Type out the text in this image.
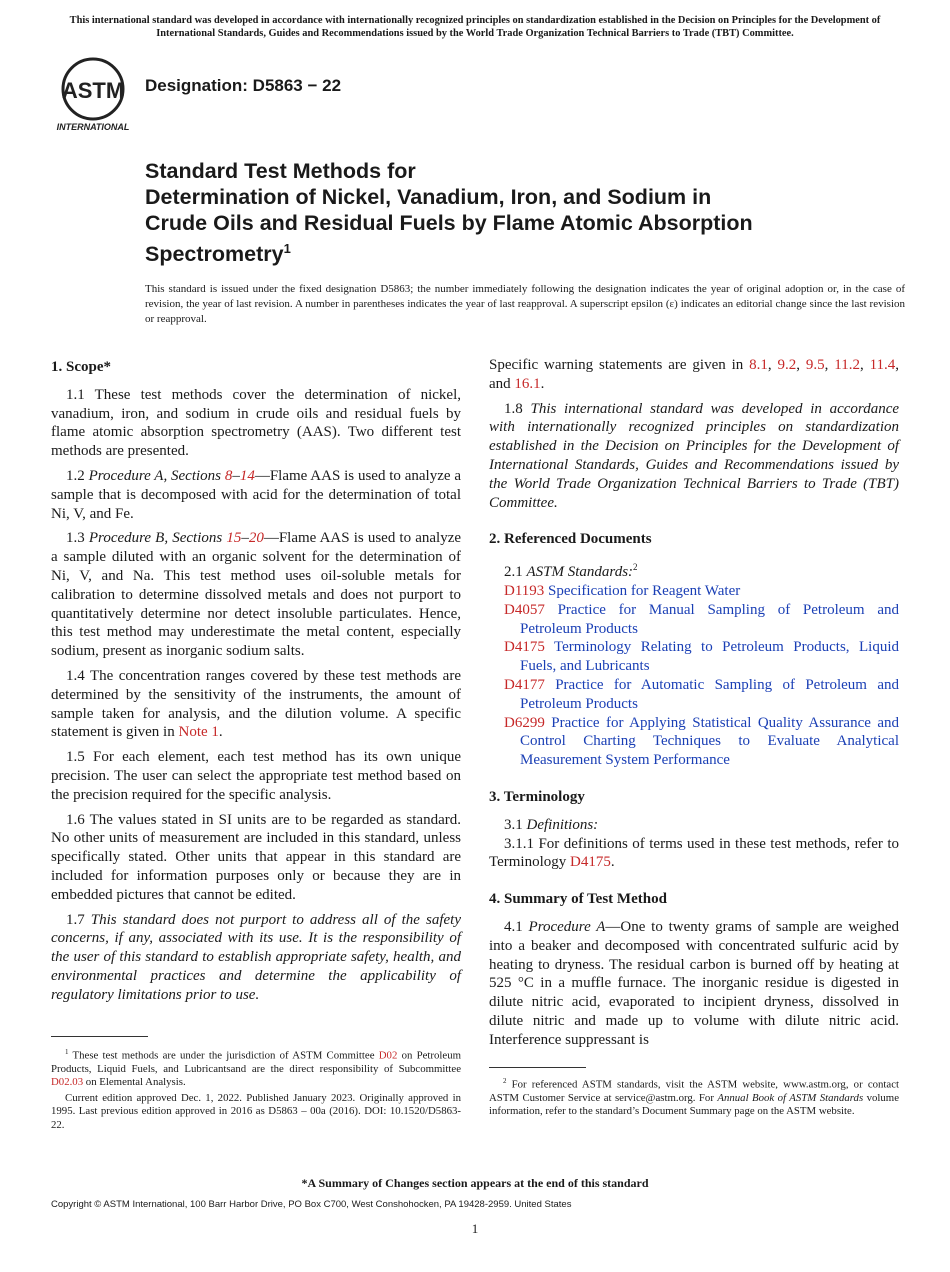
This international standard was developed in accordance with internationally recognized principles on standardization established in the Decision on Principles for the Development of International Standards, Guides and Recommendations issued by the World Trade Organization Technical Barriers to Trade (TBT) Committee.
ASTM
INTERNATIONAL
Designation: D5863 − 22
Standard Test Methods for
Determination of Nickel, Vanadium, Iron, and Sodium in
Crude Oils and Residual Fuels by Flame Atomic Absorption
Spectrometry$^1$
This standard is issued under the fixed designation D5863; the number immediately following the designation indicates the year of original adoption or, in the case of revision, the year of last revision. A number in parentheses indicates the year of last reapproval. A superscript epsilon (ε) indicates an editorial change since the last revision or reapproval.
1. Scope*

1.1 These test methods cover the determination of nickel, vanadium, iron, and sodium in crude oils and residual fuels by flame atomic absorption spectrometry (AAS). Two different test methods are presented.

1.2 Procedure A, Sections 8–14—Flame AAS is used to analyze a sample that is decomposed with acid for the determination of total Ni, V, and Fe.

1.3 Procedure B, Sections 15–20—Flame AAS is used to analyze a sample diluted with an organic solvent for the determination of Ni, V, and Na. This test method uses oil-soluble metals for calibration to determine dissolved metals and does not purport to quantitatively determine nor detect insoluble particulates. Hence, this test method may underestimate the metal content, especially sodium, present as inorganic sodium salts.

1.4 The concentration ranges covered by these test methods are determined by the sensitivity of the instruments, the amount of sample taken for analysis, and the dilution volume. A specific statement is given in Note 1.

1.5 For each element, each test method has its own unique precision. The user can select the appropriate test method based on the precision required for the specific analysis.

1.6 The values stated in SI units are to be regarded as standard. No other units of measurement are included in this standard, unless specifically stated. Other units that appear in this standard are included for information purposes only or because they are in embedded pictures that cannot be edited.

1.7 This standard does not purport to address all of the safety concerns, if any, associated with its use. It is the responsibility of the user of this standard to establish appropriate safety, health, and environmental practices and determine the applicability of regulatory limitations prior to use.

Specific warning statements are given in 8.1, 9.2, 9.5, 11.2, 11.4, and 16.1.

1.8 This international standard was developed in accordance with internationally recognized principles on standardization established in the Decision on Principles for the Development of International Standards, Guides and Recommendations issued by the World Trade Organization Technical Barriers to Trade (TBT) Committee.

2. Referenced Documents

2.1 ASTM Standards:$^2$

D1193 Specification for Reagent Water
D4057 Practice for Manual Sampling of Petroleum and Petroleum Products
D4175 Terminology Relating to Petroleum Products, Liquid Fuels, and Lubricants
D4177 Practice for Automatic Sampling of Petroleum and Petroleum Products
D6299 Practice for Applying Statistical Quality Assurance and Control Charting Techniques to Evaluate Analytical Measurement System Performance
3. Terminology

3.1 Definitions:

3.1.1 For definitions of terms used in these test methods, refer to Terminology D4175.

4. Summary of Test Method

4.1 Procedure A—One to twenty grams of sample are weighed into a beaker and decomposed with concentrated sulfuric acid by heating to dryness. The residual carbon is burned off by heating at 525 °C in a muffle furnace. The inorganic residue is digested in dilute nitric acid, evaporated to incipient dryness, dissolved in dilute nitric and made up to volume with dilute nitric acid. Interference suppressant is

$^1$ These test methods are under the jurisdiction of ASTM Committee D02 on Petroleum Products, Liquid Fuels, and Lubricantsand are the direct responsibility of Subcommittee D02.03 on Elemental Analysis.

Current edition approved Dec. 1, 2022. Published January 2023. Originally approved in 1995. Last previous edition approved in 2016 as D5863 – 00a (2016). DOI: 10.1520/D5863-22.

$^2$ For referenced ASTM standards, visit the ASTM website, www.astm.org, or contact ASTM Customer Service at service@astm.org. For Annual Book of ASTM Standards volume information, refer to the standard’s Document Summary page on the ASTM website.

*A Summary of Changes section appears at the end of this standard
Copyright © ASTM International, 100 Barr Harbor Drive, PO Box C700, West Conshohocken, PA 19428-2959. United States
1
